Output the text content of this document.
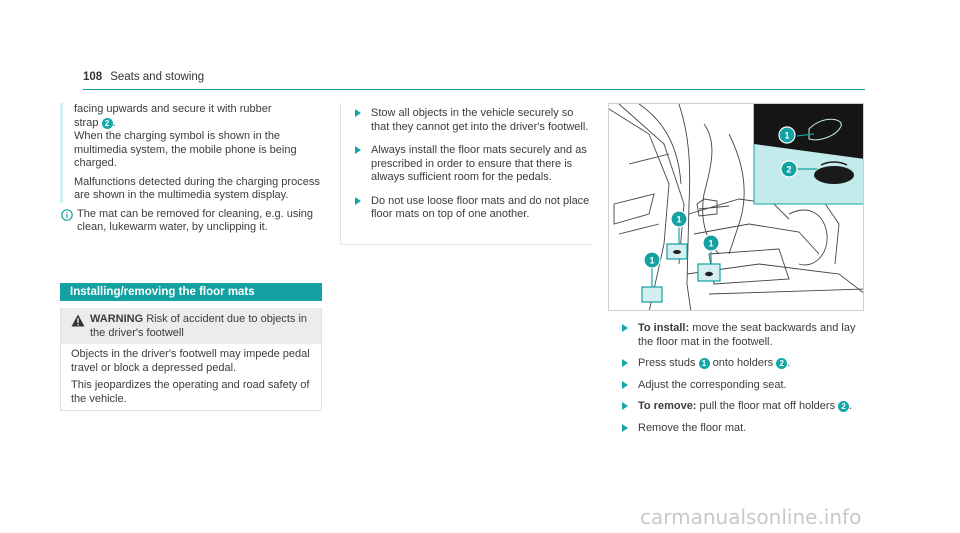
108 Seats and stowing

facing upwards and secure it with rubber

strap 2 .

When the charging symbol is shown in the multimedia system, the mobile phone is being charged.

Malfunctions detected during the charging process are shown in the multimedia system display.

The mat can be removed for cleaning, e.g. using clean, lukewarm water, by unclipping it.

Installing/removing the floor mats

WARNING Risk of accident due to objects in the driver's footwell

Objects in the driver's footwell may impede pedal travel or block a depressed pedal.

This jeopardizes the operating and road safety of the vehicle.

Stow all objects in the vehicle securely so that they cannot get into the driver's footwell.

Always install the floor mats securely and as prescribed in order to ensure that there is always sufficient room for the pedals.

Do not use loose floor mats and do not place floor mats on top of one another.

1
2
1
1
1

To install: move the seat backwards and lay the floor mat in the footwell.

Press studs 1 onto holders 2 .

Adjust the corresponding seat.

To remove: pull the floor mat off holders 2 .

Remove the floor mat.

carmanualsonline.info
